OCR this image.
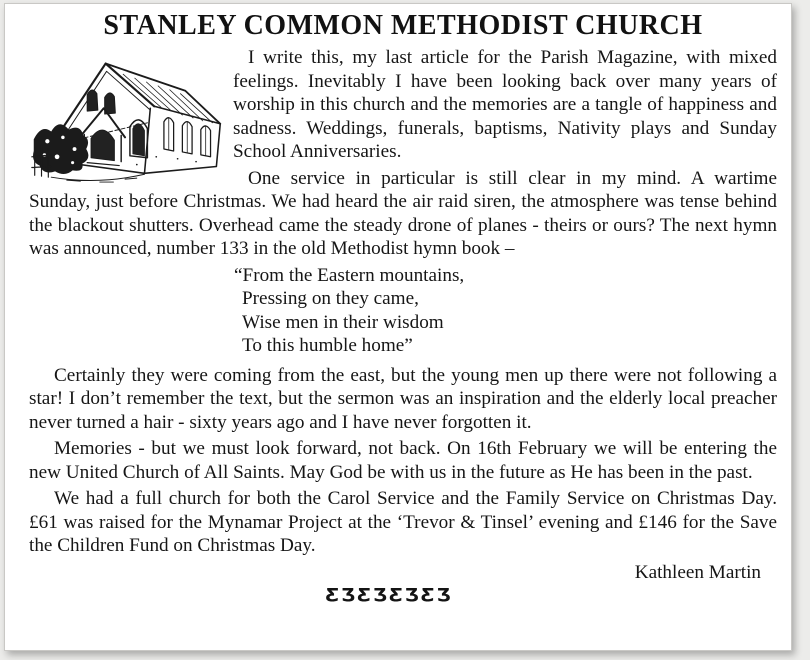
STANLEY COMMON METHODIST CHURCH

I write this, my last article for the Parish Magazine, with mixed feelings. Inevitably I have been looking back over many years of worship in this church and the memories are a tangle of happiness and sadness. Weddings, funerals, baptisms, Nativity plays and Sunday School Anniversaries.

One service in particular is still clear in my mind. A wartime Sunday, just before Christmas. We had heard the air raid siren, the atmosphere was tense behind the blackout shutters. Overhead came the steady drone of planes - theirs or ours? The next hymn was announced, number 133 in the old Methodist hymn book –

“From the Eastern mountains,
Pressing on they came,
Wise men in their wisdom
To this humble home”

Certainly they were coming from the east, but the young men up there were not following a star! I don’t remember the text, but the sermon was an inspiration and the elderly local preacher never turned a hair - sixty years ago and I have never forgotten it.

Memories - but we must look forward, not back. On 16th February we will be entering the new United Church of All Saints. May God be with us in the future as He has been in the past.

We had a full church for both the Carol Service and the Family Service on Christmas Day. £61 was raised for the Mynamar Project at the ‘Trevor & Tinsel’ evening and £146 for the Save the Children Fund on Christmas Day.

Kathleen Martin

ƸƷƸƷƸƷƸƷ
